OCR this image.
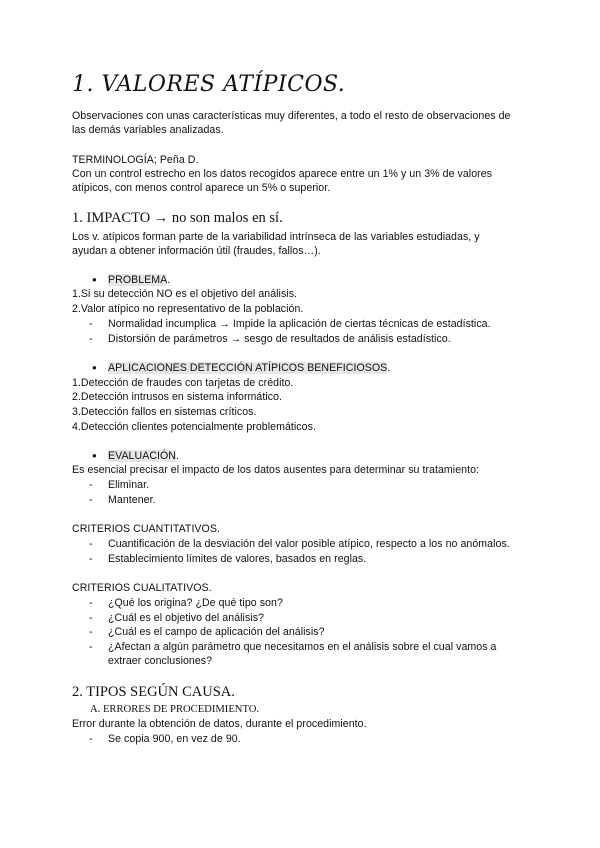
1. VALORES ATÍPICOS.
Observaciones con unas características muy diferentes, a todo el resto de observaciones de
las demás variables analizadas.
TERMINOLOGÍA; Peña D.
Con un control estrecho en los datos recogidos aparece entre un 1% y un 3% de valores
atípicos, con menos control aparece un 5% o superior.
1. IMPACTO → no son malos en sí.
Los v. atípicos forman parte de la variabilidad intrínseca de las variables estudiadas, y
ayudan a obtener información útil (fraudes, fallos…).
● PROBLEMA.
1.Si su detección NO es el objetivo del análisis.
2.Valor atípico no representativo de la población.
- Normalidad incumplica → Impide la aplicación de ciertas técnicas de estadística.
- Distorsión de parámetros → sesgo de resultados de análisis estadístico.
● APLICACIONES DETECCIÓN ATÍPICOS BENEFICIOSOS.
1.Detección de fraudes con tarjetas de crédito.
2.Detección intrusos en sistema informático.
3.Detección fallos en sistemas críticos.
4.Detección clientes potencialmente problemáticos.
● EVALUACIÓN.
Es esencial precisar el impacto de los datos ausentes para determinar su tratamiento:
- Eliminar.
- Mantener.
CRITERIOS CUANTITATIVOS.
- Cuantificación de la desviación del valor posible atípico, respecto a los no anómalos.
- Establecimiento límites de valores, basados en reglas.
CRITERIOS CUALITATIVOS.
- ¿Qué los origina? ¿De qué tipo son?
- ¿Cuál es el objetivo del análisis?
- ¿Cuál es el campo de aplicación del análisis?
- ¿Afectan a algún parámetro que necesitamos en el análisis sobre el cual vamos a
extraer conclusiones?
2. TIPOS SEGÚN CAUSA.
A. ERRORES DE PROCEDIMIENTO.
Error durante la obtención de datos, durante el procedimiento.
- Se copia 900, en vez de 90.
